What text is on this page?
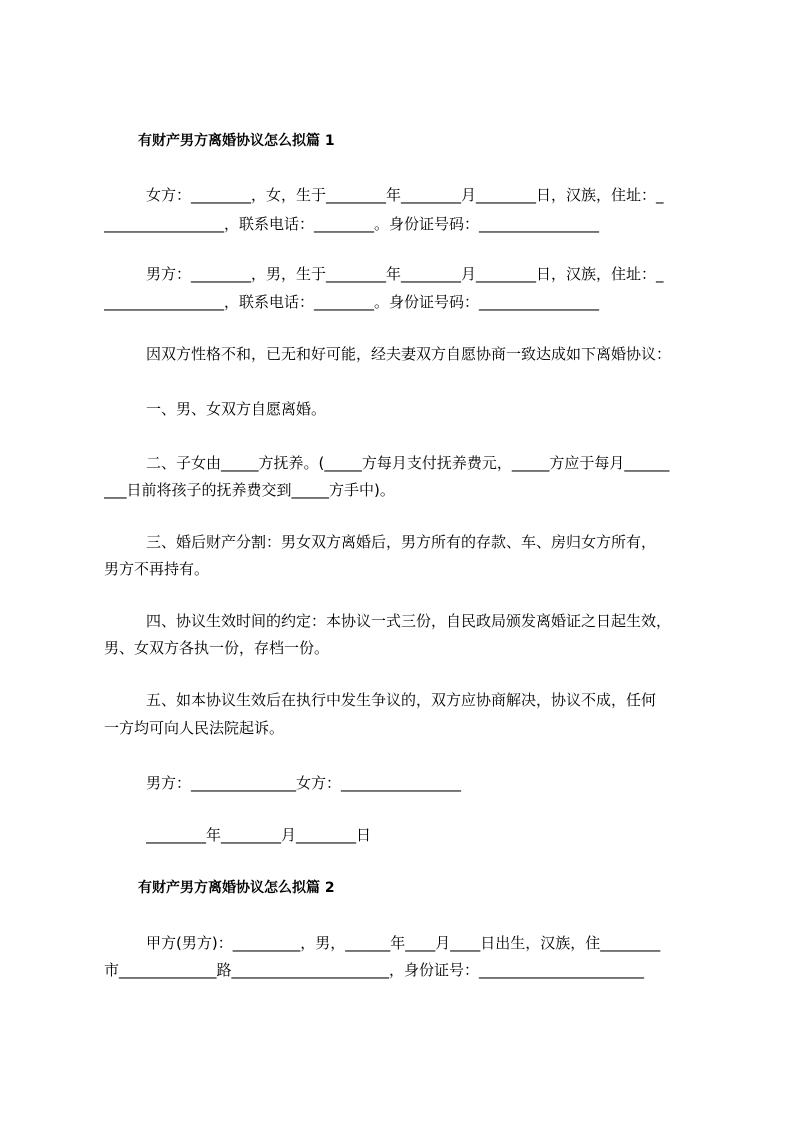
有财产男方离婚协议怎么拟篇 1
女方：________，女，生于________年________月________日，汉族，住址：_
________________，联系电话：________。身份证号码：________________
男方：________，男，生于________年________月________日，汉族，住址：_
________________，联系电话：________。身份证号码：________________
因双方性格不和，已无和好可能，经夫妻双方自愿协商一致达成如下离婚协议：
一、男、女双方自愿离婚。
二、子女由_____方抚养。(_____方每月支付抚养费元，_____方应于每月______
___日前将孩子的抚养费交到_____方手中)。
三、婚后财产分割：男女双方离婚后，男方所有的存款、车、房归女方所有，
男方不再持有。
四、协议生效时间的约定：本协议一式三份，自民政局颁发离婚证之日起生效，
男、女双方各执一份，存档一份。
五、如本协议生效后在执行中发生争议的，双方应协商解决，协议不成，任何
一方均可向人民法院起诉。
男方：______________女方：________________
________年________月________日
有财产男方离婚协议怎么拟篇 2
甲方(男方)：_________，男，______年____月____日出生，汉族，住________
市_____________路_____________________，身份证号：______________________
